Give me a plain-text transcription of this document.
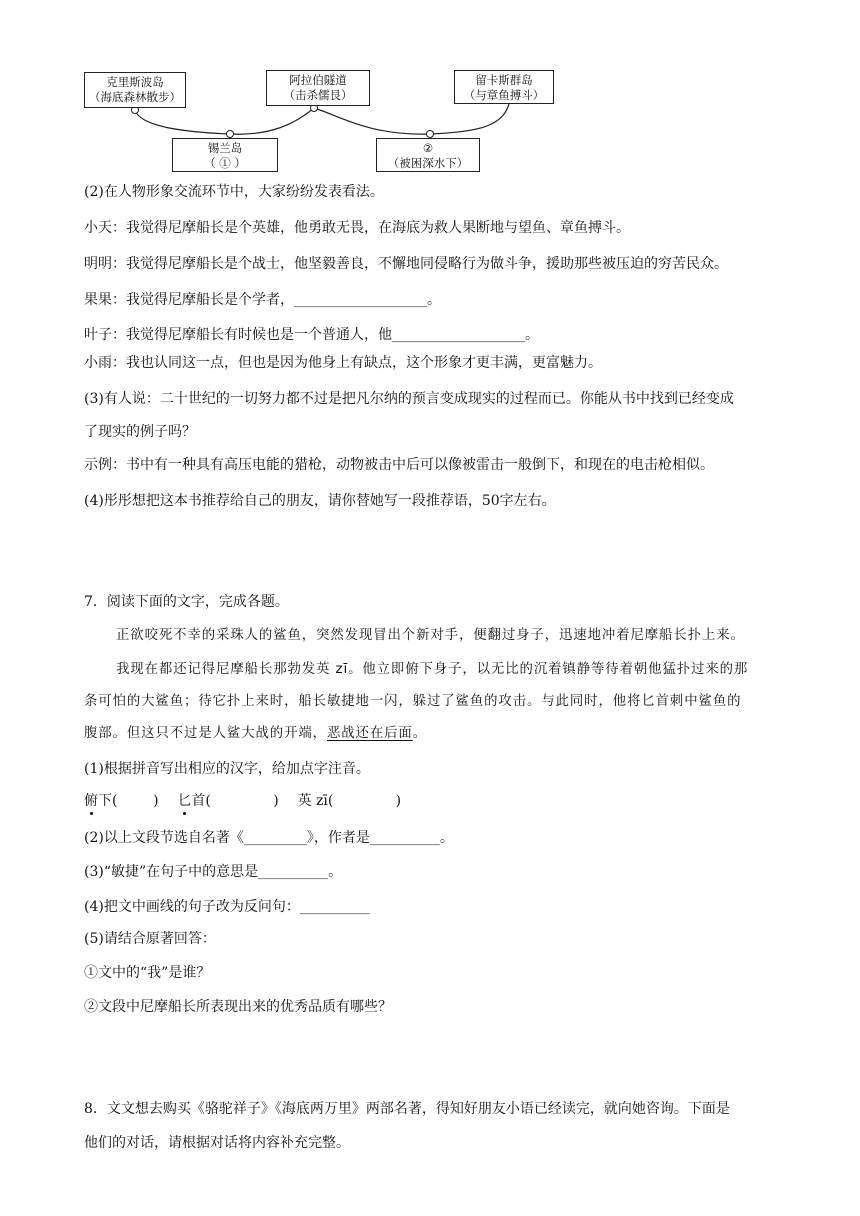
克里斯波岛
（海底森林散步）
阿拉伯隧道
（击杀儒艮）
留卡斯群岛
（与章鱼搏斗）
锡兰岛
（ ① ）
②
（被困深水下）
(2)在人物形象交流环节中，大家纷纷发表看法。
小天：我觉得尼摩船长是个英雄，他勇敢无畏，在海底为救人果断地与望鱼、章鱼搏斗。
明明：我觉得尼摩船长是个战士，他坚毅善良，不懈地同侵略行为做斗争，援助那些被压迫的穷苦民众。
果果：我觉得尼摩船长是个学者，___________________。
叶子：我觉得尼摩船长有时候也是一个普通人，他___________________。
小雨：我也认同这一点，但也是因为他身上有缺点，这个形象才更丰满，更富魅力。
(3)有人说：二十世纪的一切努力都不过是把凡尔纳的预言变成现实的过程而已。你能从书中找到已经变成
了现实的例子吗？
示例：书中有一种具有高压电能的猎枪，动物被击中后可以像被雷击一般倒下，和现在的电击枪相似。
(4)彤彤想把这本书推荐给自己的朋友，请你替她写一段推荐语，50字左右。
7．阅读下面的文字，完成各题。
正欲咬死不幸的采珠人的鲨鱼，突然发现冒出个新对手，便翻过身子，迅速地冲着尼摩船长扑上来。
我现在都还记得尼摩船长那勃发英 zī。他立即俯下身子，以无比的沉着镇静等待着朝他猛扑过来的那
条可怕的大鲨鱼；待它扑上来时，船长敏捷地一闪，躲过了鲨鱼的攻击。与此同时，他将匕首刺中鲨鱼的
腹部。但这只不过是人鲨大战的开端，恶战还在后面。
(1)根据拼音写出相应的汉字，给加点字注音。
俯下(        ) 匕首(              ) 英 zī(              )
(2)以上文段节选自名著《_________》，作者是__________。
(3)“敏捷”在句子中的意思是__________。
(4)把文中画线的句子改为反问句：__________
(5)请结合原著回答：
①文中的“我”是谁？
②文段中尼摩船长所表现出来的优秀品质有哪些？
8．文文想去购买《骆驼祥子》《海底两万里》两部名著，得知好朋友小语已经读完，就向她咨询。下面是
他们的对话，请根据对话将内容补充完整。
